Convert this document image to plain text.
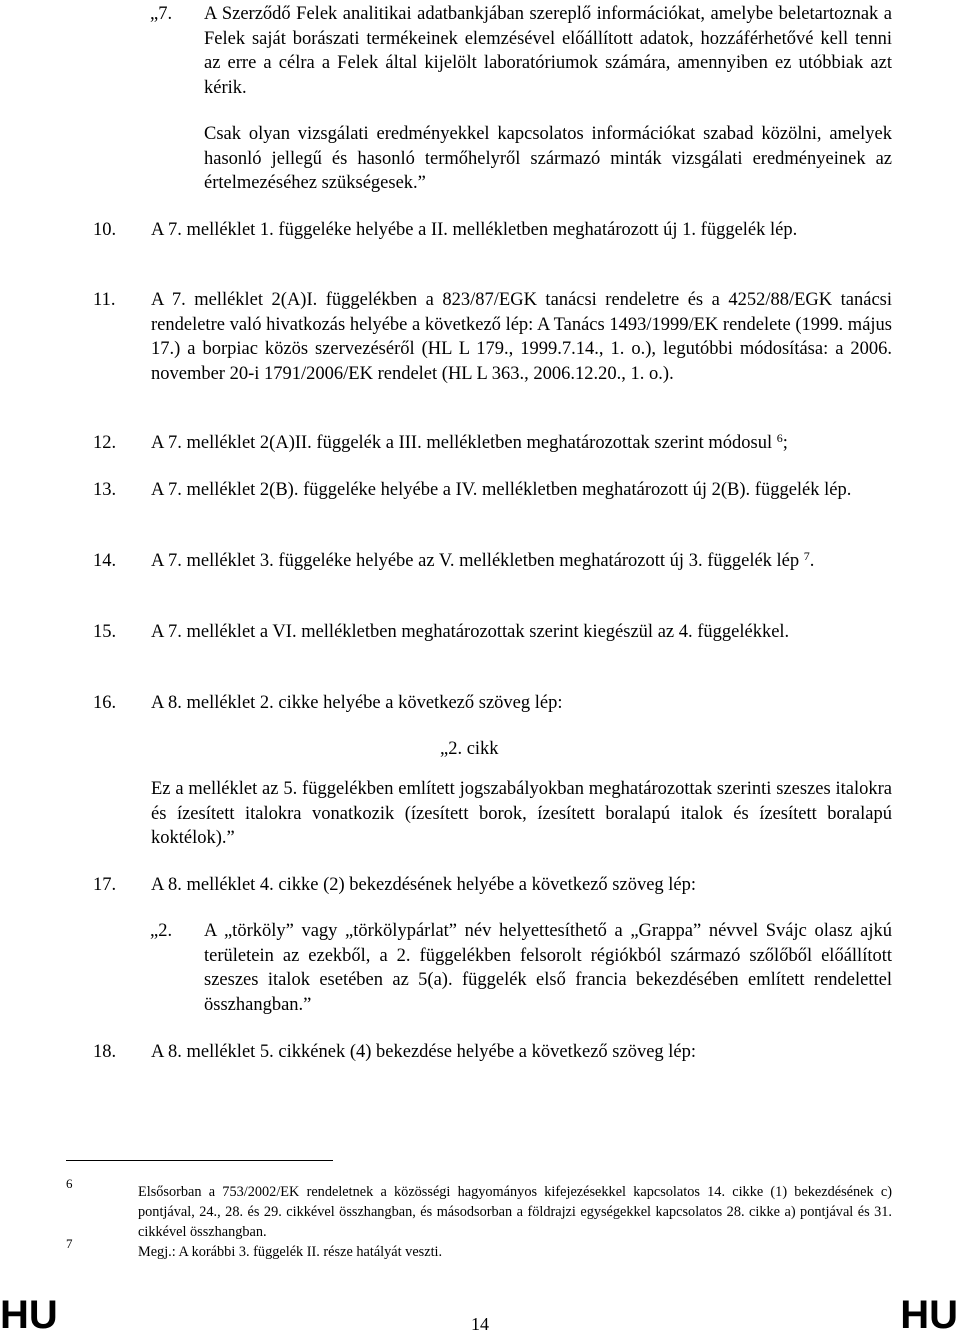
„7. A Szerződő Felek analitikai adatbankjában szereplő információkat, amelybe beletartoznak a Felek saját borászati termékeinek elemzésével előállított adatok, hozzáférhetővé kell tenni az erre a célra a Felek által kijelölt laboratóriumok számára, amennyiben ez utóbbiak azt kérik.
Csak olyan vizsgálati eredményekkel kapcsolatos információkat szabad közölni, amelyek hasonló jellegű és hasonló termőhelyről származó minták vizsgálati eredményeinek az értelmezéséhez szükségesek.”
10. A 7. melléklet 1. függeléke helyébe a II. mellékletben meghatározott új 1. függelék lép.
11. A 7. melléklet 2(A)I. függelékben a 823/87/EGK tanácsi rendeletre és a 4252/88/EGK tanácsi rendeletre való hivatkozás helyébe a következő lép: A Tanács 1493/1999/EK rendelete (1999. május 17.) a borpiac közös szervezéséről (HL L 179., 1999.7.14., 1. o.), legutóbbi módosítása: a 2006. november 20-i 1791/2006/EK rendelet (HL L 363., 2006.12.20., 1. o.).
12. A 7. melléklet 2(A)II. függelék a III. mellékletben meghatározottak szerint módosul $^6$;
13. A 7. melléklet 2(B). függeléke helyébe a IV. mellékletben meghatározott új 2(B). függelék lép.
14. A 7. melléklet 3. függeléke helyébe az V. mellékletben meghatározott új 3. függelék lép $^7$.
15. A 7. melléklet a VI. mellékletben meghatározottak szerint kiegészül az 4. függelékkel.
16. A 8. melléklet 2. cikke helyébe a következő szöveg lép:
„2. cikk
Ez a melléklet az 5. függelékben említett jogszabályokban meghatározottak szerinti szeszes italokra és ízesített italokra vonatkozik (ízesített borok, ízesített boralapú italok és ízesített boralapú koktélok).”
17. A 8. melléklet 4. cikke (2) bekezdésének helyébe a következő szöveg lép:
„2. A „törköly” vagy „törkölypárlat” név helyettesíthető a „Grappa” névvel Svájc olasz ajkú területein az ezekből, a 2. függelékben felsorolt régiókból származó szőlőből előállított szeszes italok esetében az 5(a). függelék első francia bekezdésében említett rendelettel összhangban.”
18. A 8. melléklet 5. cikkének (4) bekezdése helyébe a következő szöveg lép:
6
Elsősorban a 753/2002/EK rendeletnek a közösségi hagyományos kifejezésekkel kapcsolatos 14. cikke (1) bekezdésének c) pontjával, 24., 28. és 29. cikkével összhangban, és másodsorban a földrajzi egységekkel kapcsolatos 28. cikke a) pontjával és 31. cikkével összhangban.
7
Megj.: A korábbi 3. függelék II. része hatályát veszti.
HU	14	HU
